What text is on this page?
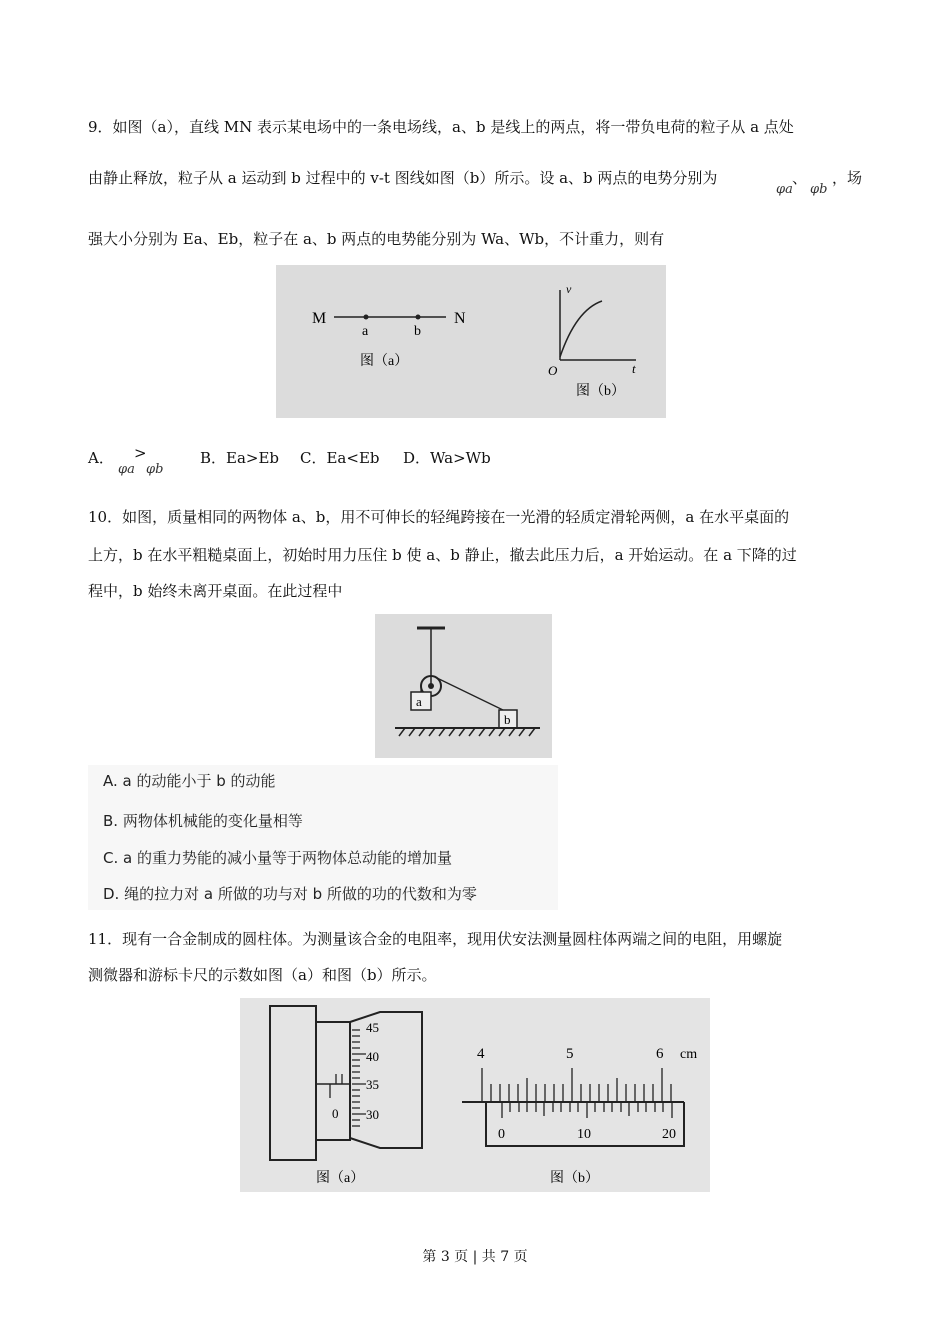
9．如图（a），直线 MN 表示某电场中的一条电场线，a、b 是线上的两点，将一带负电荷的粒子从 a 点处
由静止释放，粒子从 a 运动到 b 过程中的 v-t 图线如图（b）所示。设 a、b 两点的电势分别为
φa
、
φb
，场
强大小分别为 Ea、Eb，粒子在 a、b 两点的电势能分别为 Wa、Wb，不计重力，则有
M
a	b
N
图（a）
v
t
O
图（b）
A． >
φa φb
B．Ea>Eb C．Ea<Eb D．Wa>Wb
10．如图，质量相同的两物体 a、b，用不可伸长的轻绳跨接在一光滑的轻质定滑轮两侧，a 在水平桌面的
上方，b 在水平粗糙桌面上，初始时用力压住 b 使 a、b 静止，撤去此压力后，a 开始运动。在 a 下降的过
程中，b 始终未离开桌面。在此过程中
a
b
A. a 的动能小于 b 的动能
B. 两物体机械能的变化量相等
C. a 的重力势能的减小量等于两物体总动能的增加量
D. 绳的拉力对 a 所做的功与对 b 所做的功的代数和为零
11．现有一合金制成的圆柱体。为测量该合金的电阻率，现用伏安法测量圆柱体两端之间的电阻，用螺旋
测微器和游标卡尺的示数如图（a）和图（b）所示。
45
40
35
30
0
图（a）
4	5	6 cm
0	10	20
图（b）
第 3 页 | 共 7 页
